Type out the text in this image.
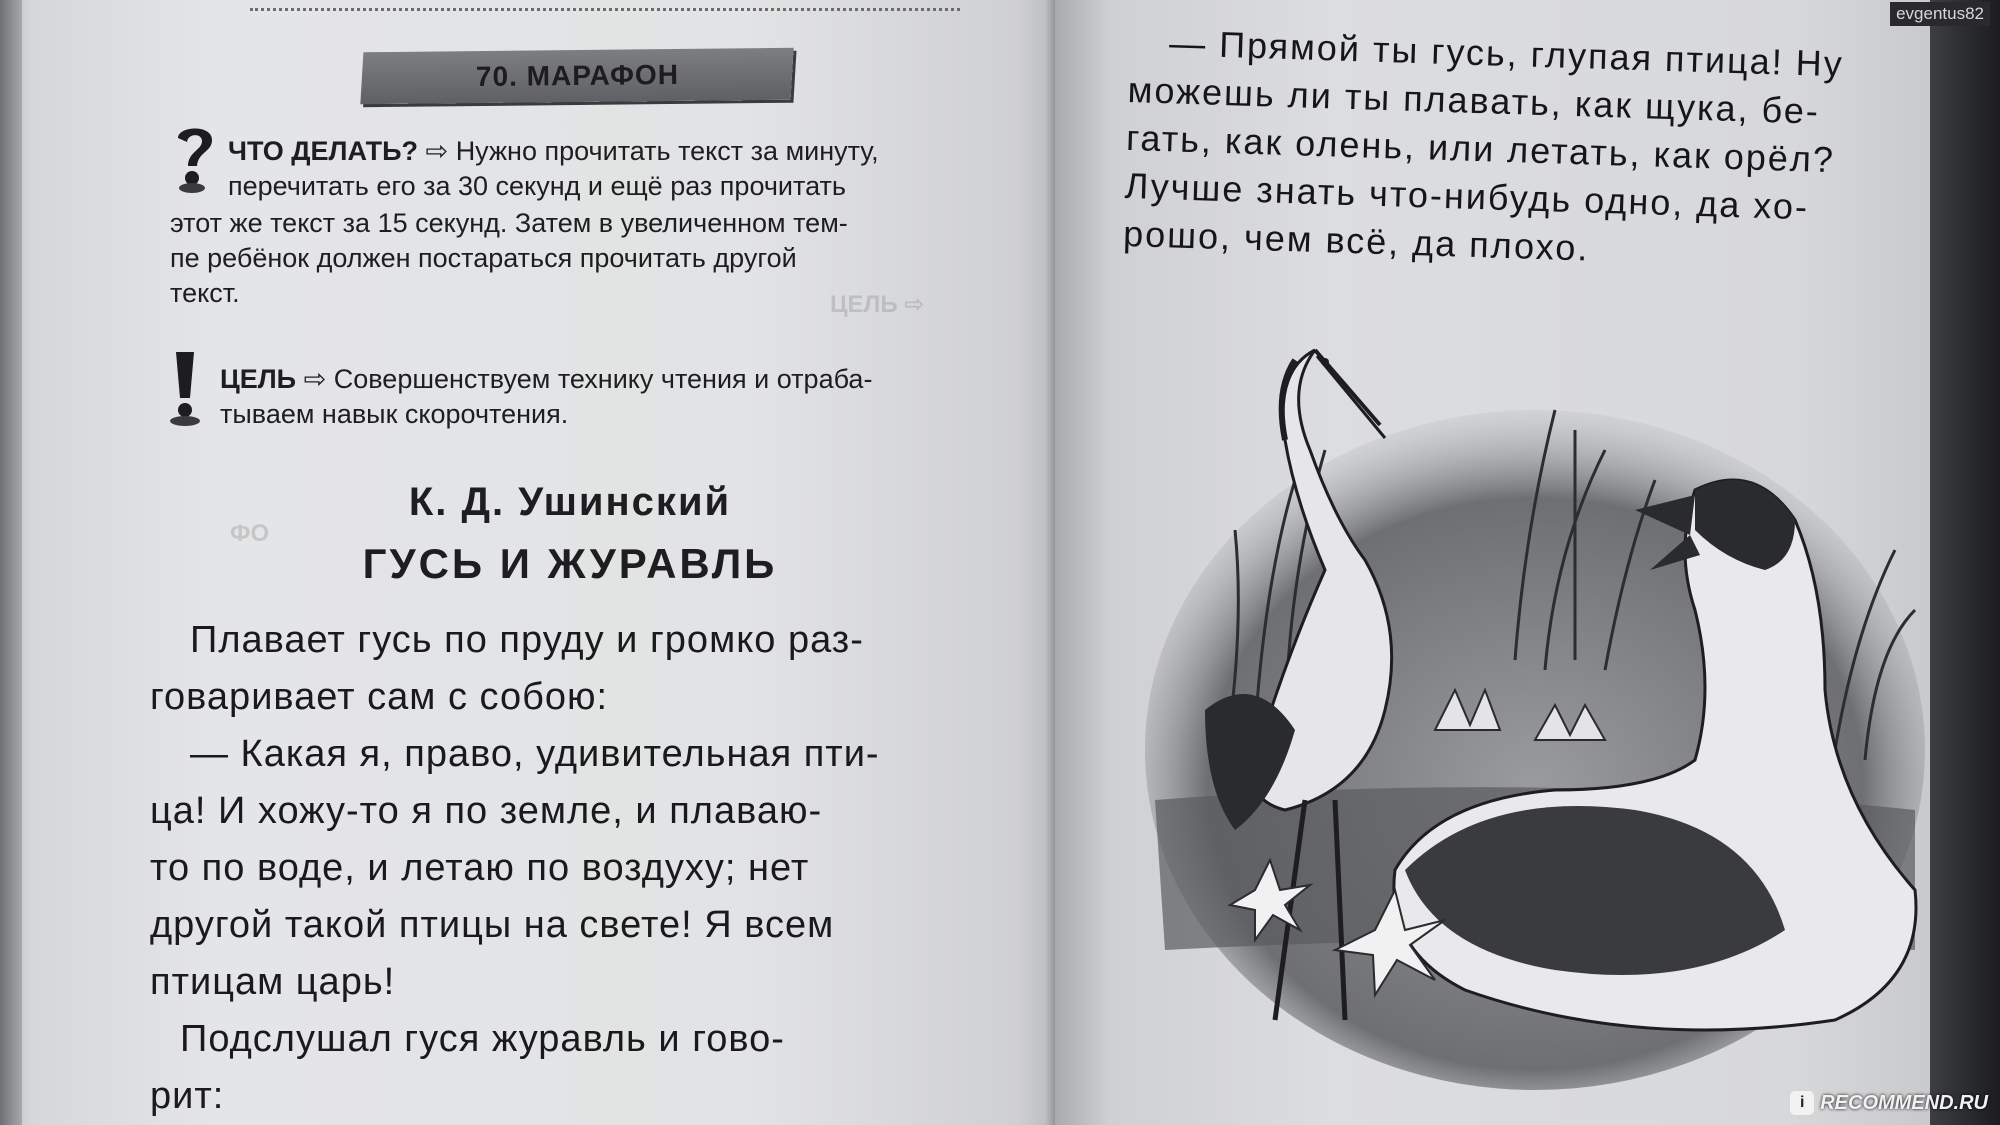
70. МАРАФОН
ЧТО ДЕЛАТЬ? ⇨ Нужно прочитать текст за минуту,
перечитать его за 30 секунд и ещё раз прочитать
этот же текст за 15 секунд. Затем в увеличенном тем-
пе ребёнок должен постараться прочитать другой
текст.
ЦЕЛЬ ⇨ Совершенствуем технику чтения и отраба-
тываем навык скорочтения.
К. Д. Ушинский
ГУСЬ И ЖУРАВЛЬ

Плавает гусь по пруду и громко раз-

говаривает сам с собою:

— Какая я, право, удивительная пти-

ца! И хожу-то я по земле, и плаваю-

то по воде, и летаю по воздуху; нет

другой такой птицы на свете! Я всем

птицам царь!

Подслушал гуся журавль и гово-

рит:

ЦЕЛЬ ⇨
ФО
— Прямой ты гусь, глупая птица! Ну
можешь ли ты плавать, как щука, бе-
гать, как олень, или летать, как орёл?
Лучше знать что-нибудь одно, да хо-
рошо, чем всё, да плохо.
evgentus82
i RECOMMEND.RU
